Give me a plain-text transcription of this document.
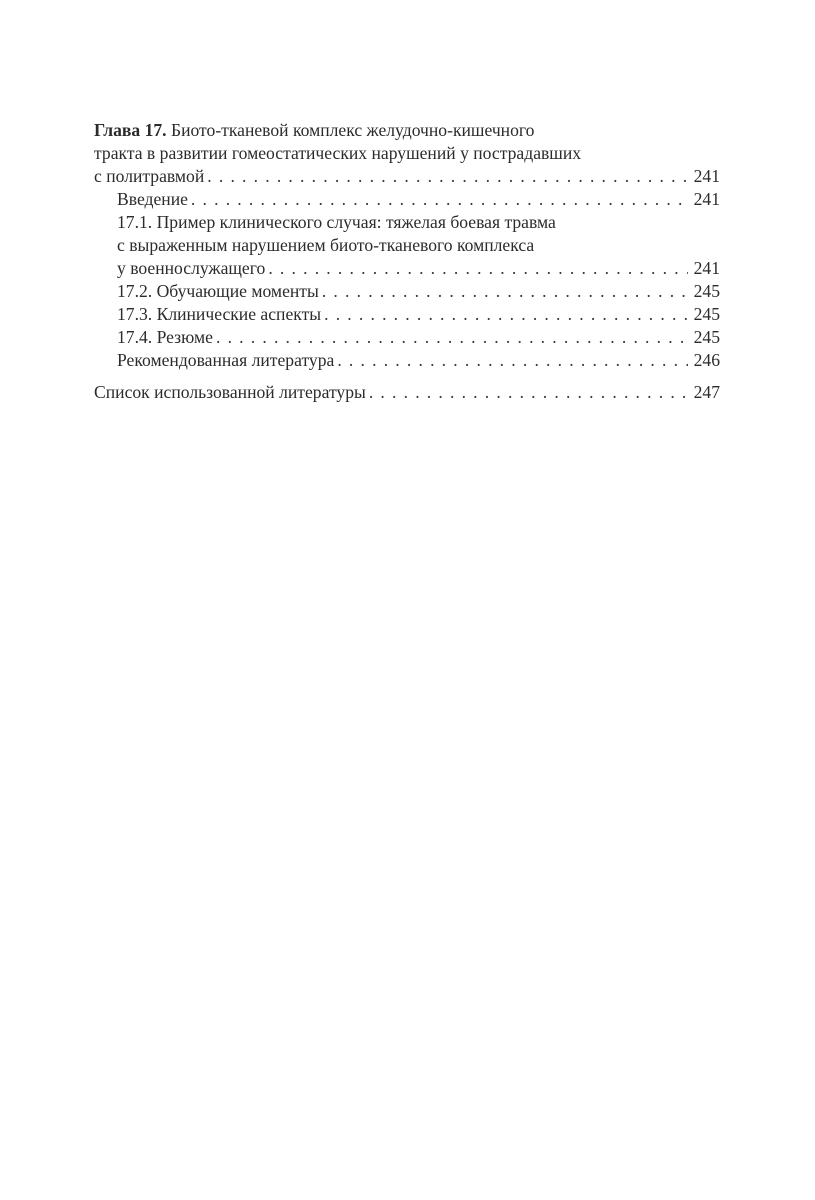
Глава 17. Биото-тканевой комплекс желудочно-кишечного
тракта в развитии гомеостатических нарушений у пострадавших
с политравмой . . .	241
Введение . . .	241
17.1. Пример клинического случая: тяжелая боевая травма
с выраженным нарушением биото-тканевого комплекса
у военнослужащего . . .	241
17.2. Обучающие моменты . . .	245
17.3. Клинические аспекты . . .	245
17.4. Резюме . . .	245
Рекомендованная литература . . .	246
Список использованной литературы . . .	247
